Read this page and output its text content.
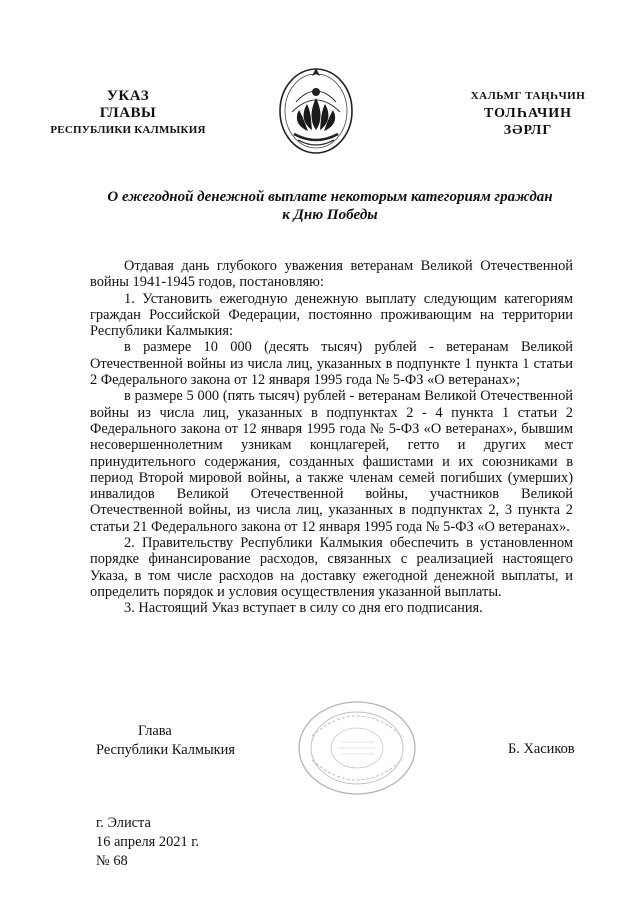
УКАЗ
ГЛАВЫ
РЕСПУБЛИКИ КАЛМЫКИЯ
ХАЛЬМГ ТАҢҺЧИН
ТОЛҺАЧИН
ЗӘРЛГ
О ежегодной денежной выплате некоторым категориям граждан
к Дню Победы

Отдавая дань глубокого уважения ветеранам Великой Отечественной войны 1941-1945 годов, постановляю:

1. Установить ежегодную денежную выплату следующим категориям граждан Российской Федерации, постоянно проживающим на территории Республики Калмыкия:

в размере 10 000 (десять тысяч) рублей - ветеранам Великой Отечественной войны из числа лиц, указанных в подпункте 1 пункта 1 статьи 2 Федерального закона от 12 января 1995 года № 5-ФЗ «О ветеранах»;

в размере 5 000 (пять тысяч) рублей - ветеранам Великой Отечественной войны из числа лиц, указанных в подпунктах 2 - 4 пункта 1 статьи 2 Федерального закона от 12 января 1995 года № 5-ФЗ «О ветеранах», бывшим несовершеннолетним узникам концлагерей, гетто и других мест принудительного содержания, созданных фашистами и их союзниками в период Второй мировой войны, а также членам семей погибших (умерших) инвалидов Великой Отечественной войны, участников Великой Отечественной войны, из числа лиц, указанных в подпунктах 2, 3 пункта 2 статьи 21 Федерального закона от 12 января 1995 года № 5-ФЗ «О ветеранах».

2. Правительству Республики Калмыкия обеспечить в установленном порядке финансирование расходов, связанных с реализацией настоящего Указа, в том числе расходов на доставку ежегодной денежной выплаты, и определить порядок и условия осуществления указанной выплаты.

3. Настоящий Указ вступает в силу со дня его подписания.

Глава
Республики Калмыкия	Б. Хасиков
г. Элиста
16 апреля 2021 г.
№ 68
